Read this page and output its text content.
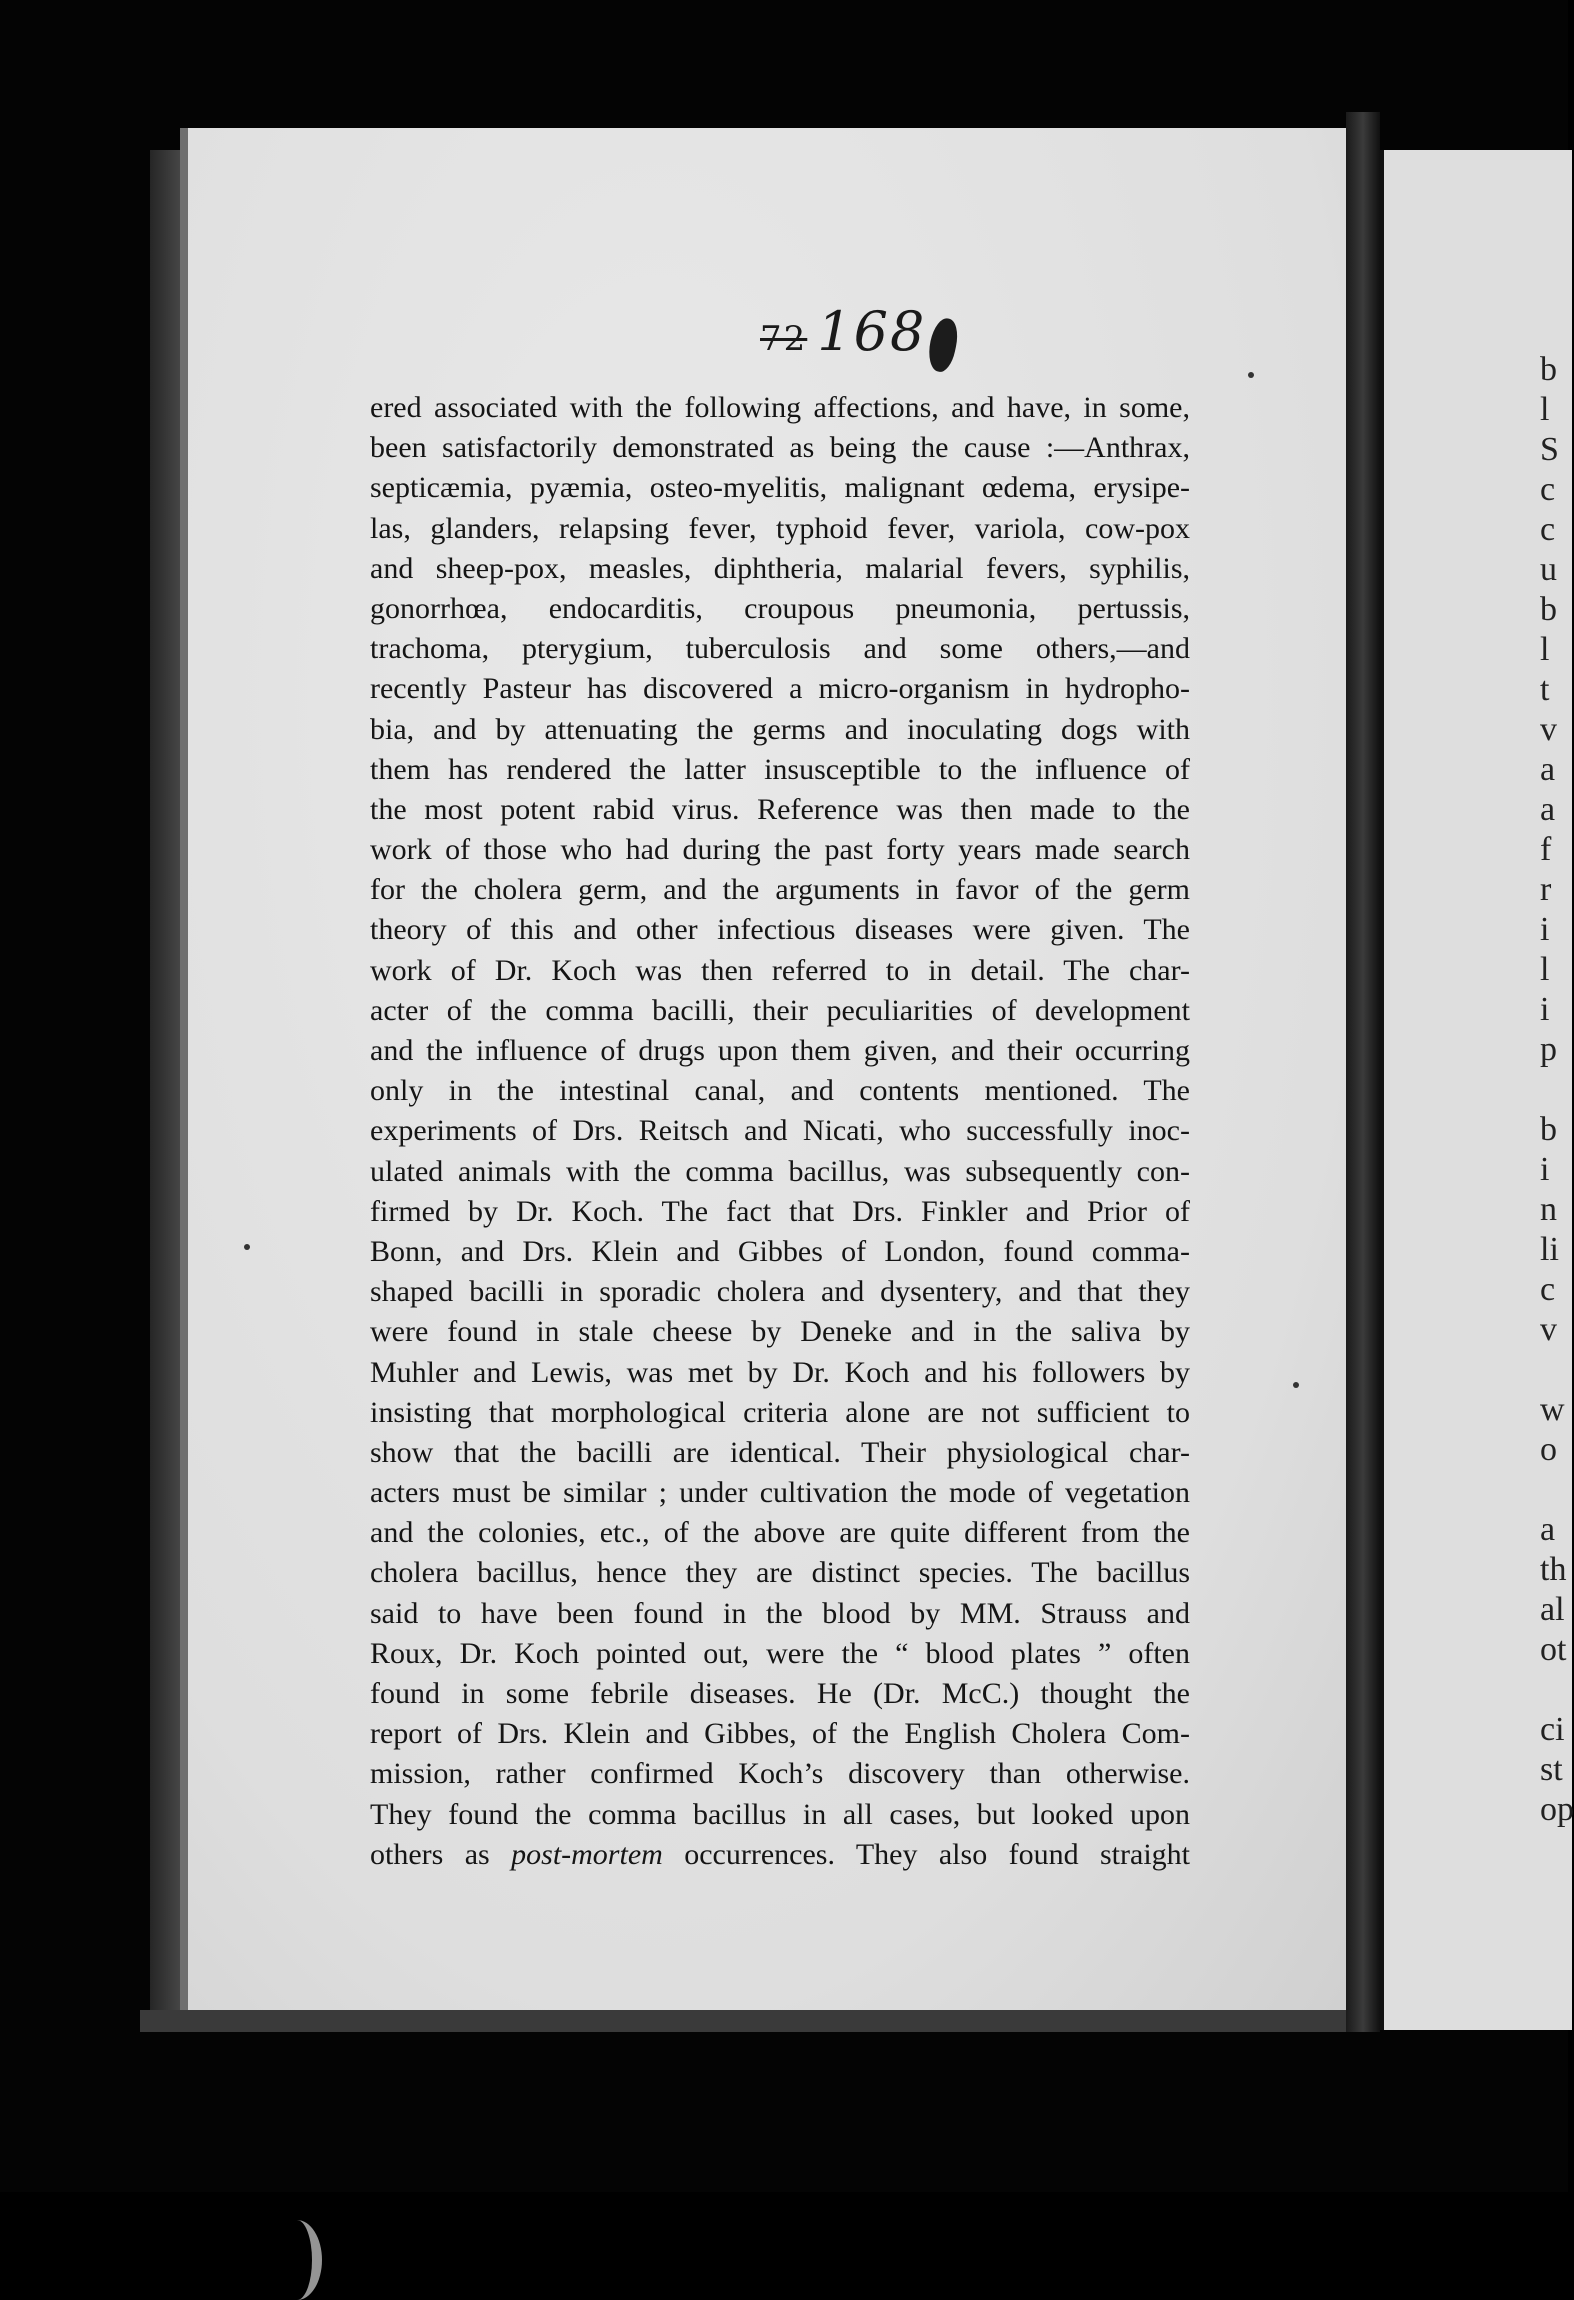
b
l
S
c
c
u
b
l
t
v
a
a
f
r
i
l
i
p

b
i
n
li
c
v

w
o

a
th
al
ot

ci
st
op
72 168
ered associated with the following affections, and have, in some,
been satisfactorily demonstrated as being the cause :—Anthrax,
septicæmia, pyæmia, osteo-myelitis, malignant œdema, erysipe-
las, glanders, relapsing fever, typhoid fever, variola, cow-pox
and sheep-pox, measles, diphtheria, malarial fevers, syphilis,
gonorrhœa, endocarditis, croupous pneumonia, pertussis,
trachoma, pterygium, tuberculosis and some others,—and
recently Pasteur has discovered a micro-organism in hydropho-
bia, and by attenuating the germs and inoculating dogs with
them has rendered the latter insusceptible to the influence of
the most potent rabid virus. Reference was then made to the
work of those who had during the past forty years made search
for the cholera germ, and the arguments in favor of the germ
theory of this and other infectious diseases were given. The
work of Dr. Koch was then referred to in detail. The char-
acter of the comma bacilli, their peculiarities of development
and the influence of drugs upon them given, and their occurring
only in the intestinal canal, and contents mentioned. The
experiments of Drs. Reitsch and Nicati, who successfully inoc-
ulated animals with the comma bacillus, was subsequently con-
firmed by Dr. Koch. The fact that Drs. Finkler and Prior of
Bonn, and Drs. Klein and Gibbes of London, found comma-
shaped bacilli in sporadic cholera and dysentery, and that they
were found in stale cheese by Deneke and in the saliva by
Muhler and Lewis, was met by Dr. Koch and his followers by
insisting that morphological criteria alone are not sufficient to
show that the bacilli are identical. Their physiological char-
acters must be similar ; under cultivation the mode of vegetation
and the colonies, etc., of the above are quite different from the
cholera bacillus, hence they are distinct species. The bacillus
said to have been found in the blood by MM. Strauss and
Roux, Dr. Koch pointed out, were the “ blood plates ” often
found in some febrile diseases. He (Dr. McC.) thought the
report of Drs. Klein and Gibbes, of the English Cholera Com-
mission, rather confirmed Koch’s discovery than otherwise.
They found the comma bacillus in all cases, but looked upon
others as post-mortem occurrences. They also found straight
